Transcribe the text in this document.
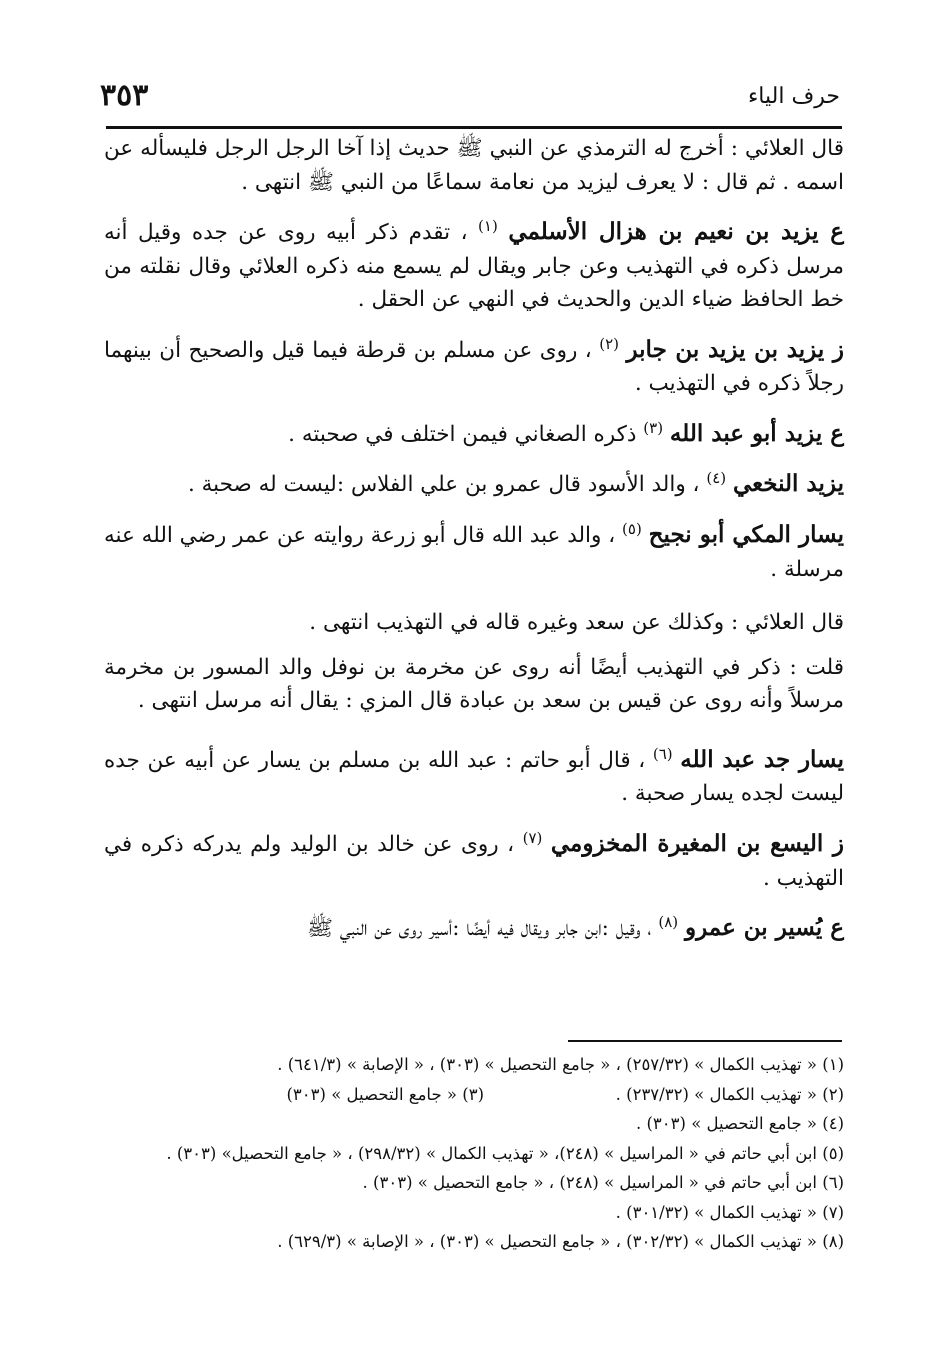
حرف الياء
٣٥٣

قال العلائي : أخرج له الترمذي عن النبي ﷺ حديث إذا آخا الرجل الرجل فليسأله عن اسمه . ثم قال : لا يعرف ليزيد من نعامة سماعًا من النبي ﷺ انتهى .

ع يزيد بن نعيم بن هزال الأسلمي $^{(١)}$ ، تقدم ذكر أبيه روى عن جده وقيل أنه مرسل ذكره في التهذيب وعن جابر ويقال لم يسمع منه ذكره العلائي وقال نقلته من خط الحافظ ضياء الدين والحديث في النهي عن الحقل .

ز يزيد بن يزيد بن جابر $^{(٢)}$ ، روى عن مسلم بن قرطة فيما قيل والصحيح أن بينهما رجلاً ذكره في التهذيب .

ع يزيد أبو عبد الله $^{(٣)}$ ذكره الصغاني فيمن اختلف في صحبته .

يزيد النخعي $^{(٤)}$ ، والد الأسود قال عمرو بن علي الفلاس :ليست له صحبة .

يسار المكي أبو نجيح $^{(٥)}$ ، والد عبد الله قال أبو زرعة روايته عن عمر رضي الله عنه مرسلة .

قال العلائي : وكذلك عن سعد وغيره قاله في التهذيب انتهى .

قلت : ذكر في التهذيب أيضًا أنه روى عن مخرمة بن نوفل والد المسور بن مخرمة مرسلاً وأنه روى عن قيس بن سعد بن عبادة قال المزي : يقال أنه مرسل انتهى .

يسار جد عبد الله $^{(٦)}$ ، قال أبو حاتم : عبد الله بن مسلم بن يسار عن أبيه عن جده ليست لجده يسار صحبة .

ز اليسع بن المغيرة المخزومي $^{(٧)}$ ، روى عن خالد بن الوليد ولم يدركه ذكره في التهذيب .

ع يُسير بن عمرو $^{(٨)}$ ، وقيل :ابن جابر ويقال فيه أيضًا :أسير روى عن النبي ﷺ

(١) « تهذيب الكمال » (٢٥٧/٣٢) ، « جامع التحصيل » (٣٠٣) ، « الإصابة » (٦٤١/٣) .
(٢) « تهذيب الكمال » (٢٣٧/٣٢) .
(٣) « جامع التحصيل » (٣٠٣)
(٤) « جامع التحصيل » (٣٠٣) .
(٥) ابن أبي حاتم في « المراسيل » (٢٤٨)، « تهذيب الكمال » (٢٩٨/٣٢) ، « جامع التحصيل» (٣٠٣) .
(٦) ابن أبي حاتم في « المراسيل » (٢٤٨) ، « جامع التحصيل » (٣٠٣) .
(٧) « تهذيب الكمال » (٣٠١/٣٢) .
(٨) « تهذيب الكمال » (٣٠٢/٣٢) ، « جامع التحصيل » (٣٠٣) ، « الإصابة » (٦٢٩/٣) .
